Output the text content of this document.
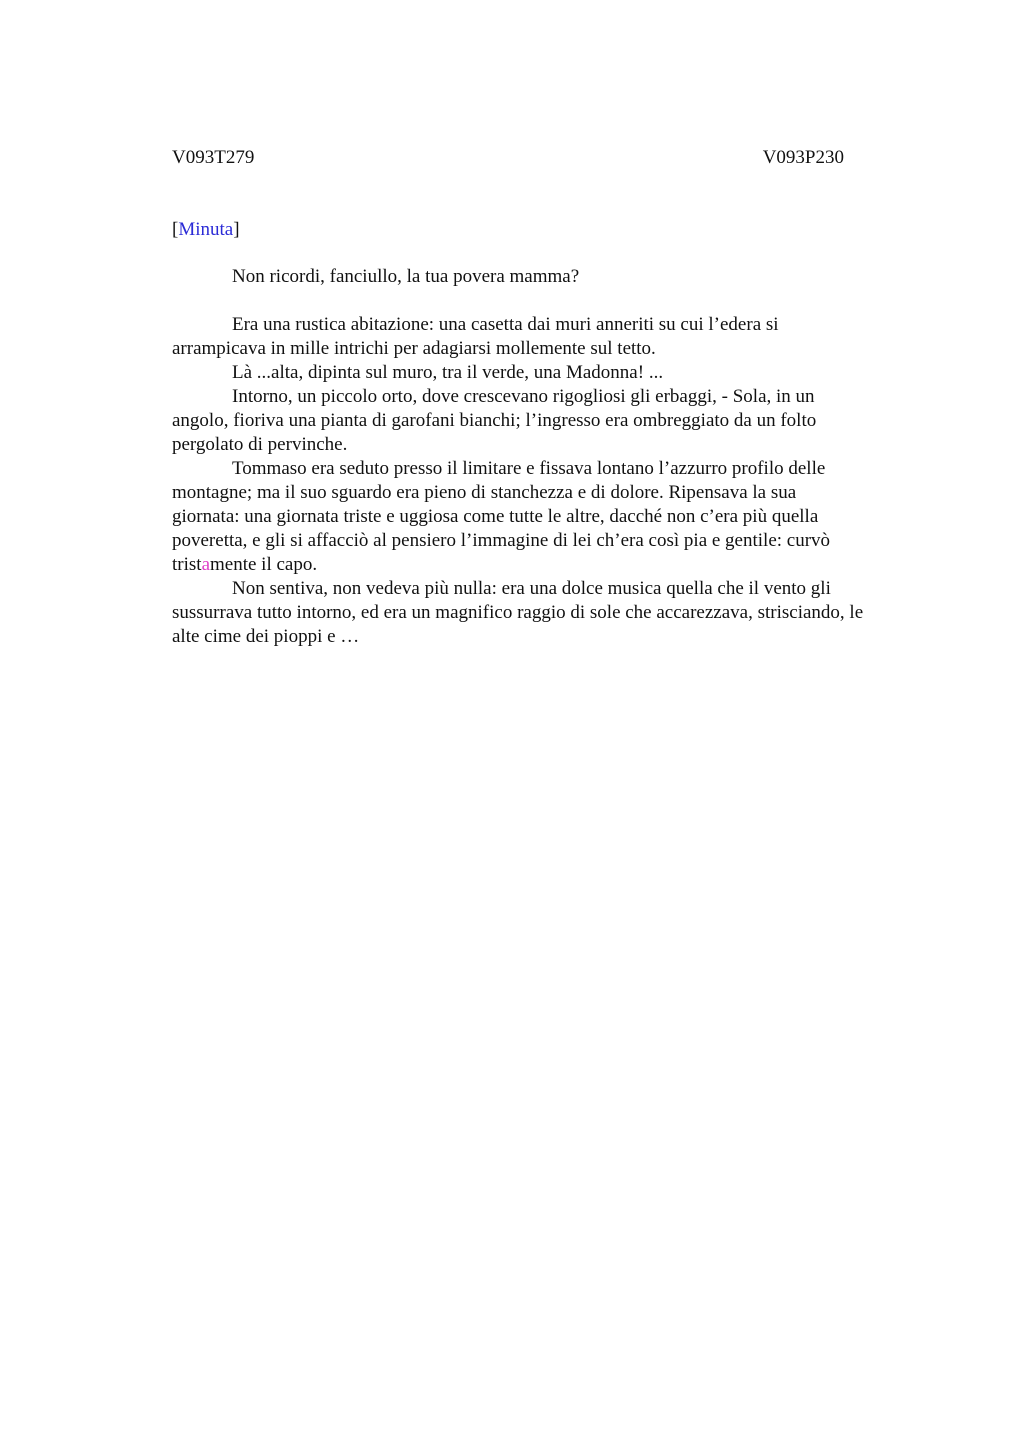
V093T279	V093P230
[Minuta]

Non ricordi, fanciullo, la tua povera mamma?

Era una rustica abitazione: una casetta dai muri anneriti su cui l’edera si
arrampicava in mille intrichi per adagiarsi mollemente sul tetto.

Là ...alta, dipinta sul muro, tra il verde, una Madonna! ...

Intorno, un piccolo orto, dove crescevano rigogliosi gli erbaggi, - Sola, in un
angolo, fioriva una pianta di garofani bianchi; l’ingresso era ombreggiato da un folto
pergolato di pervinche.

Tommaso era seduto presso il limitare e fissava lontano l’azzurro profilo delle
montagne; ma il suo sguardo era pieno di stanchezza e di dolore. Ripensava la sua
giornata: una giornata triste e uggiosa come tutte le altre, dacché non c’era più quella
poveretta, e gli si affacciò al pensiero l’immagine di lei ch’era così pia e gentile: curvò
tristamente il capo.

Non sentiva, non vedeva più nulla: era una dolce musica quella che il vento gli
sussurrava tutto intorno, ed era un magnifico raggio di sole che accarezzava, strisciando, le
alte cime dei pioppi e …
